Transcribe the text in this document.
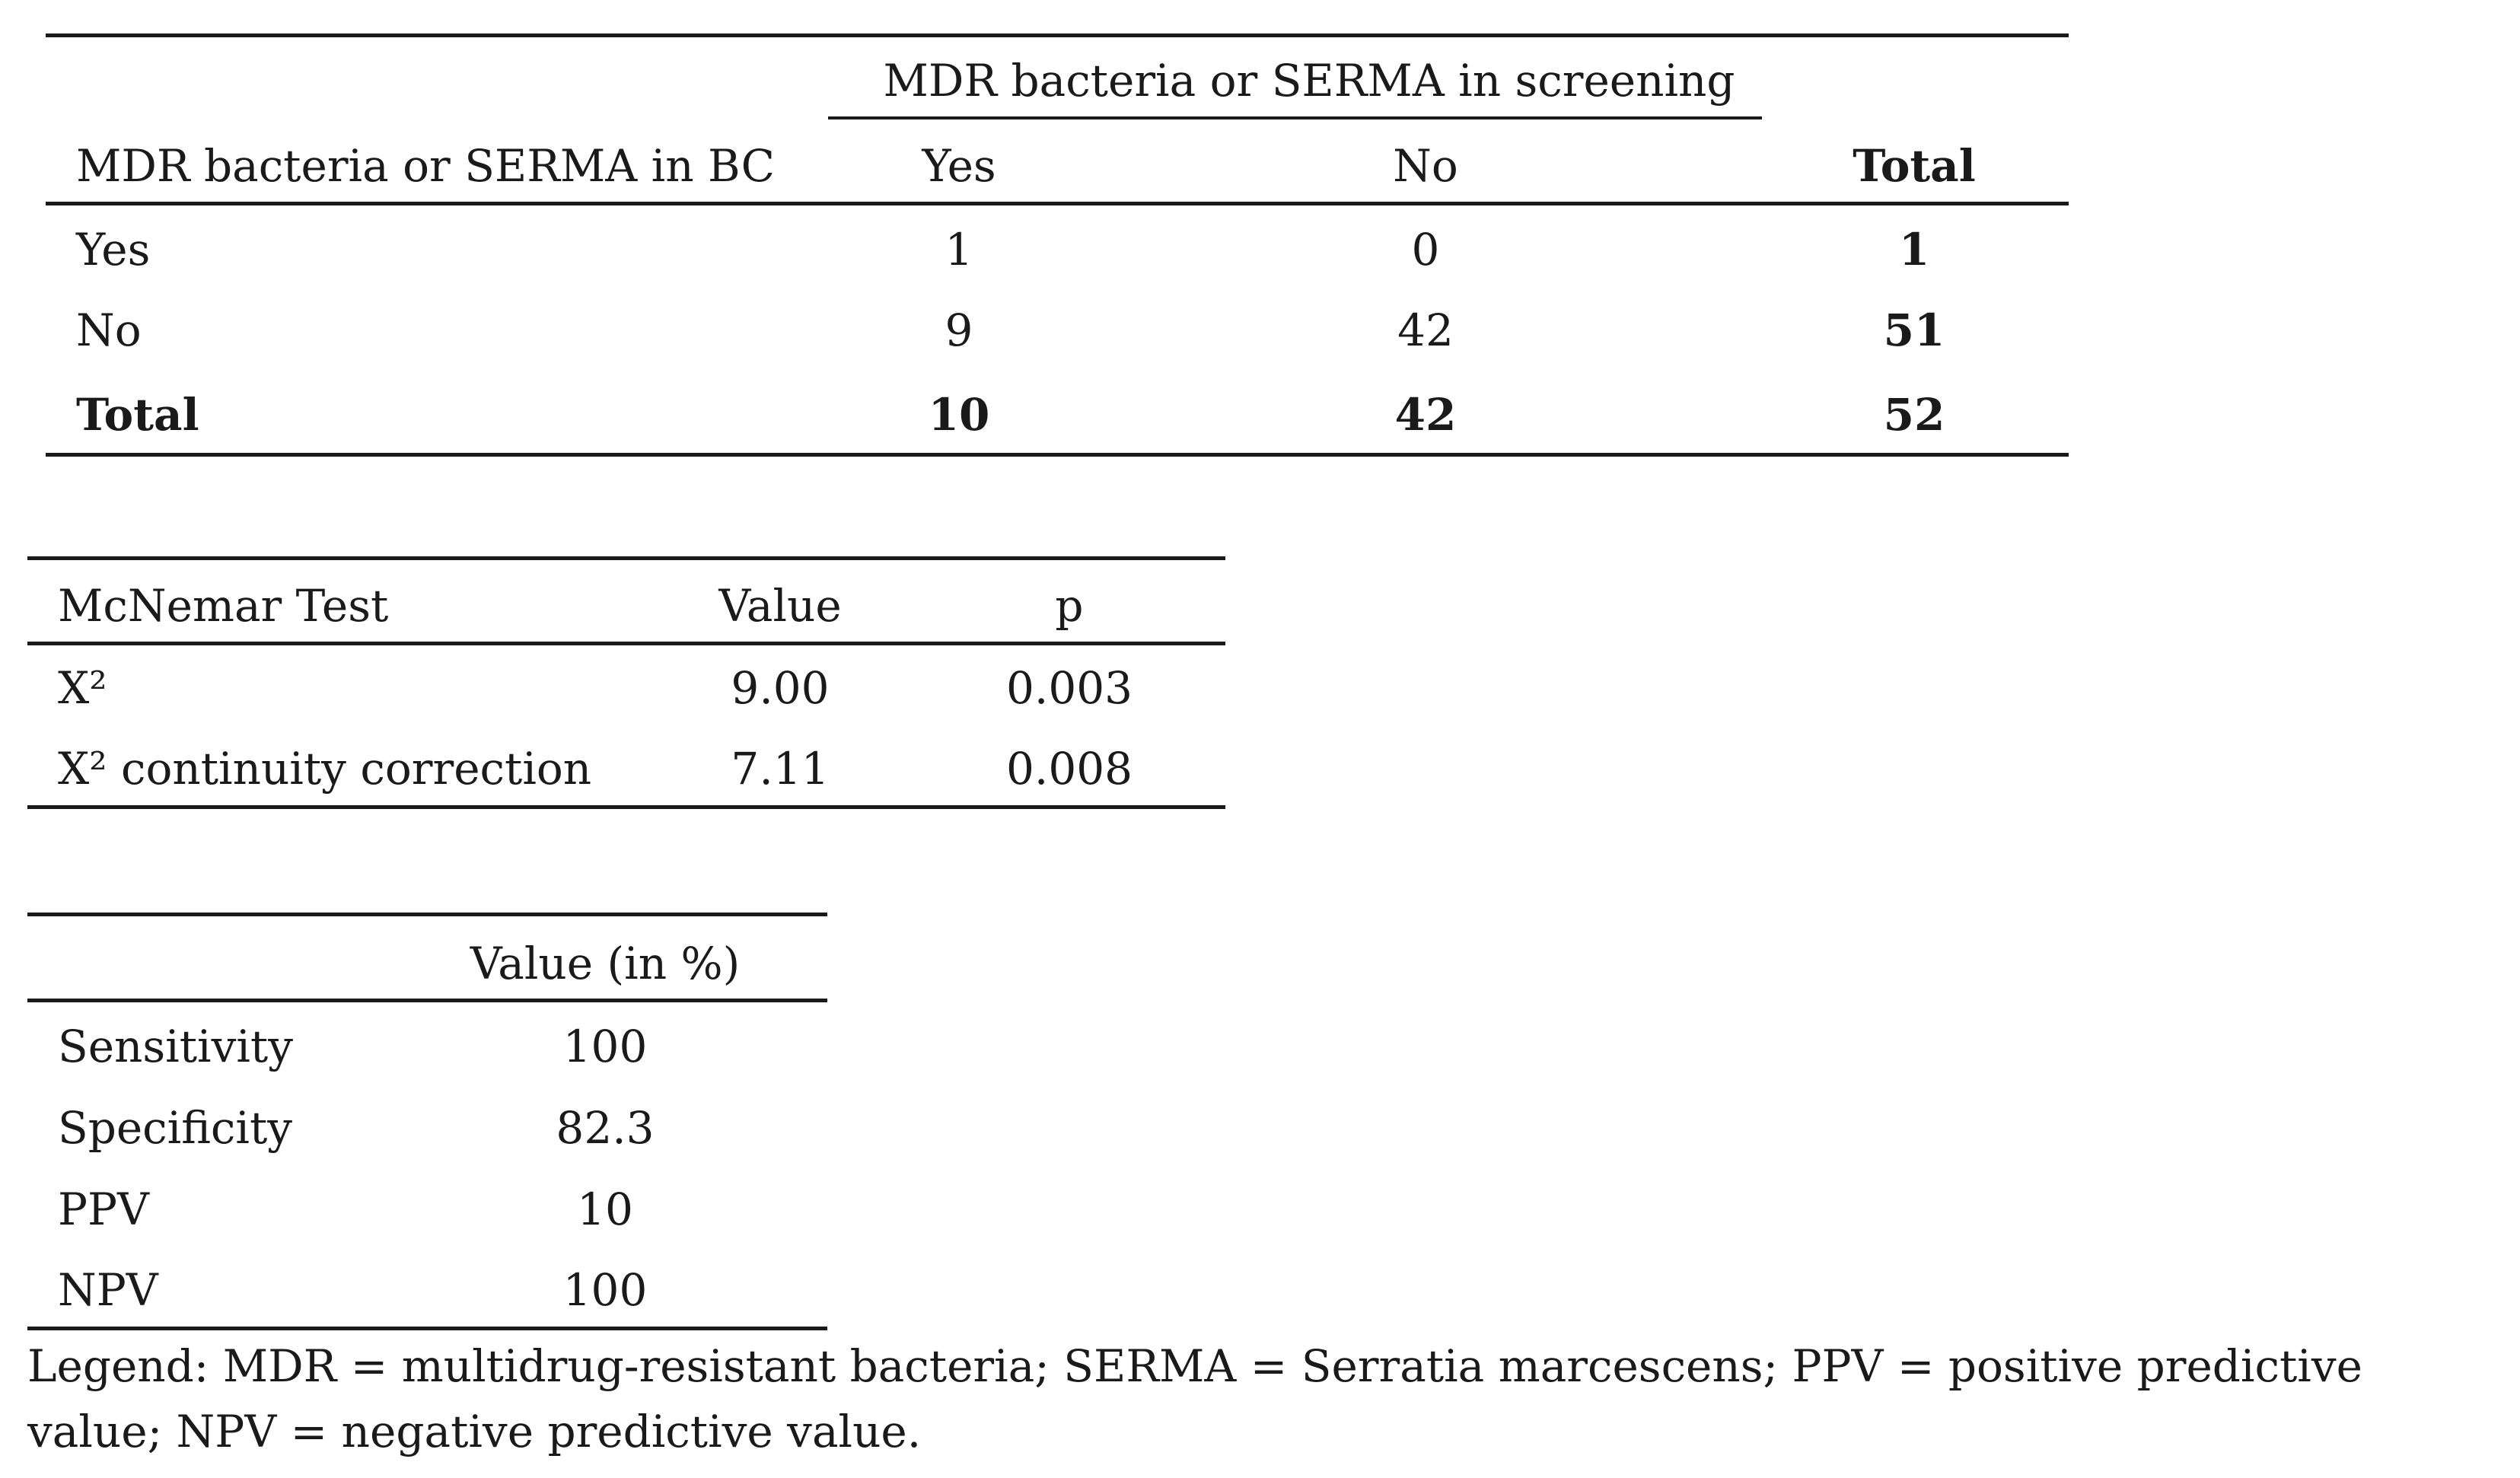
MDR bacteria or SERMA in screening
MDR bacteria or SERMA in BC	Yes	No	Total
Yes	1	0	1
No	9	42	51
Total	10	42	52
McNemar Test	Value	p
X²	9.00	0.003
X² continuity correction	7.11	0.008
Value (in %)
Sensitivity	100
Specificity	82.3
PPV	10
NPV	100
Legend: MDR = multidrug-resistant bacteria; SERMA = Serratia marcescens; PPV = positive predictive value; NPV = negative predictive value.
